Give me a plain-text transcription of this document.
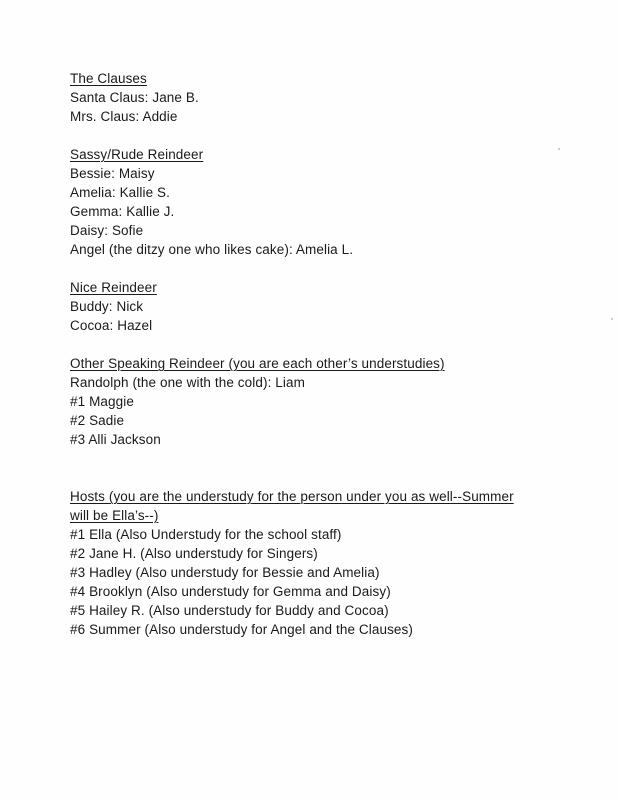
The Clauses

Santa Claus: Jane B.

Mrs. Claus: Addie

Sassy/Rude Reindeer

Bessie: Maisy

Amelia: Kallie S.

Gemma: Kallie J.

Daisy: Sofie

Angel (the ditzy one who likes cake): Amelia L.

Nice Reindeer

Buddy: Nick

Cocoa: Hazel

Other Speaking Reindeer (you are each other’s understudies)

Randolph (the one with the cold): Liam

#1 Maggie

#2 Sadie

#3 Alli Jackson

Hosts (you are the understudy for the person under you as well--Summer

will be Ella’s--)

#1 Ella (Also Understudy for the school staff)

#2 Jane H. (Also understudy for Singers)

#3 Hadley (Also understudy for Bessie and Amelia)

#4 Brooklyn (Also understudy for Gemma and Daisy)

#5 Hailey R. (Also understudy for Buddy and Cocoa)

#6 Summer (Also understudy for Angel and the Clauses)
